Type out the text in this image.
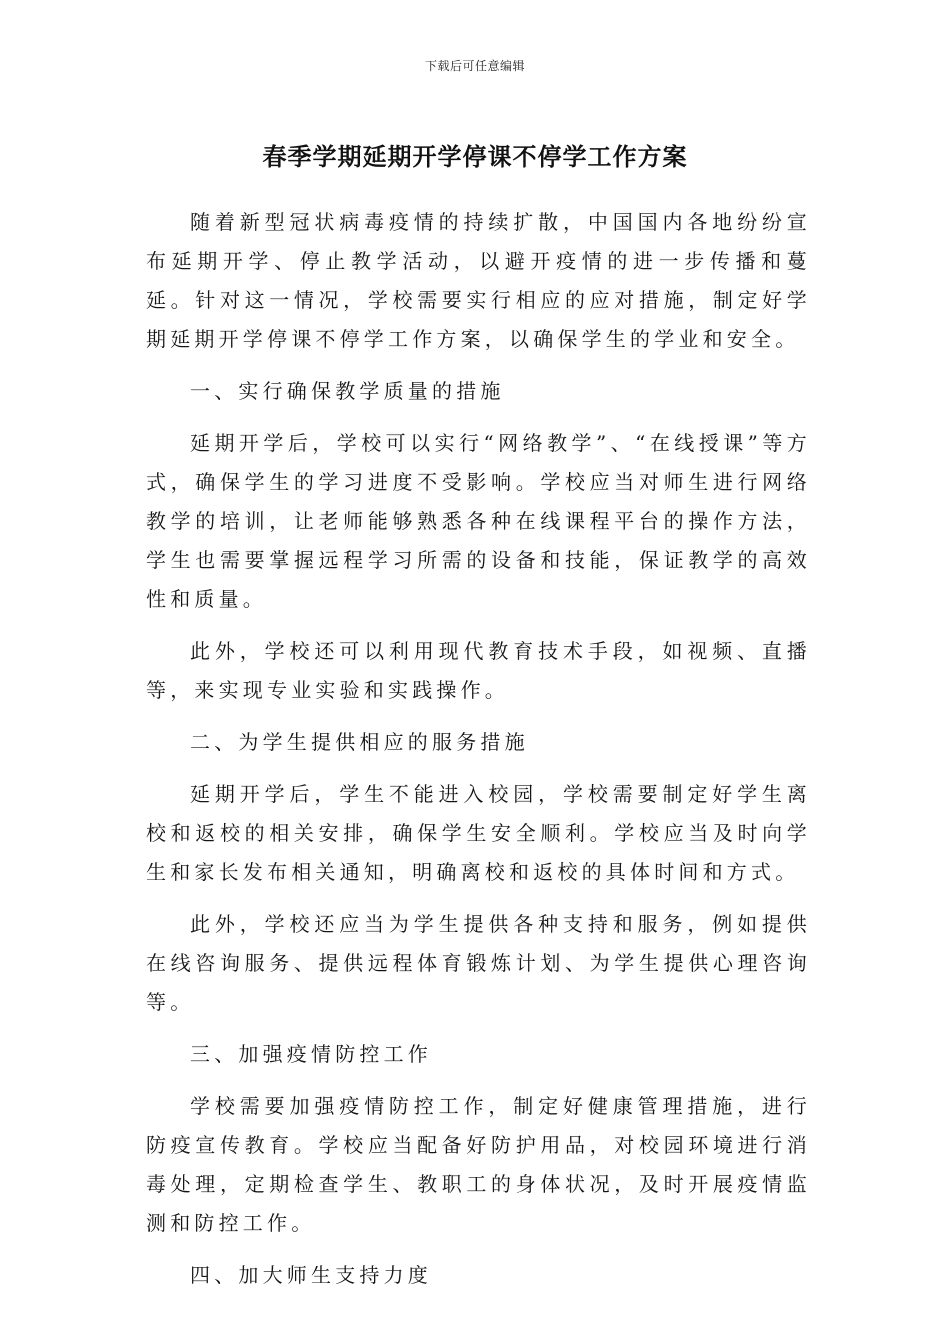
下载后可任意编辑
春季学期延期开学停课不停学工作方案

随着新型冠状病毒疫情的持续扩散，中国国内各地纷纷宣布延期开学、停止教学活动，以避开疫情的进一步传播和蔓延。针对这一情况，学校需要实行相应的应对措施，制定好学期延期开学停课不停学工作方案，以确保学生的学业和安全。

一、实行确保教学质量的措施

延期开学后，学校可以实行“网络教学”、“在线授课”等方式，确保学生的学习进度不受影响。学校应当对师生进行网络教学的培训，让老师能够熟悉各种在线课程平台的操作方法，学生也需要掌握远程学习所需的设备和技能，保证教学的高效性和质量。

此外，学校还可以利用现代教育技术手段，如视频、直播等，来实现专业实验和实践操作。

二、为学生提供相应的服务措施

延期开学后，学生不能进入校园，学校需要制定好学生离校和返校的相关安排，确保学生安全顺利。学校应当及时向学生和家长发布相关通知，明确离校和返校的具体时间和方式。

此外，学校还应当为学生提供各种支持和服务，例如提供在线咨询服务、提供远程体育锻炼计划、为学生提供心理咨询等。

三、加强疫情防控工作

学校需要加强疫情防控工作，制定好健康管理措施，进行防疫宣传教育。学校应当配备好防护用品，对校园环境进行消毒处理，定期检查学生、教职工的身体状况，及时开展疫情监测和防控工作。

四、加大师生支持力度
